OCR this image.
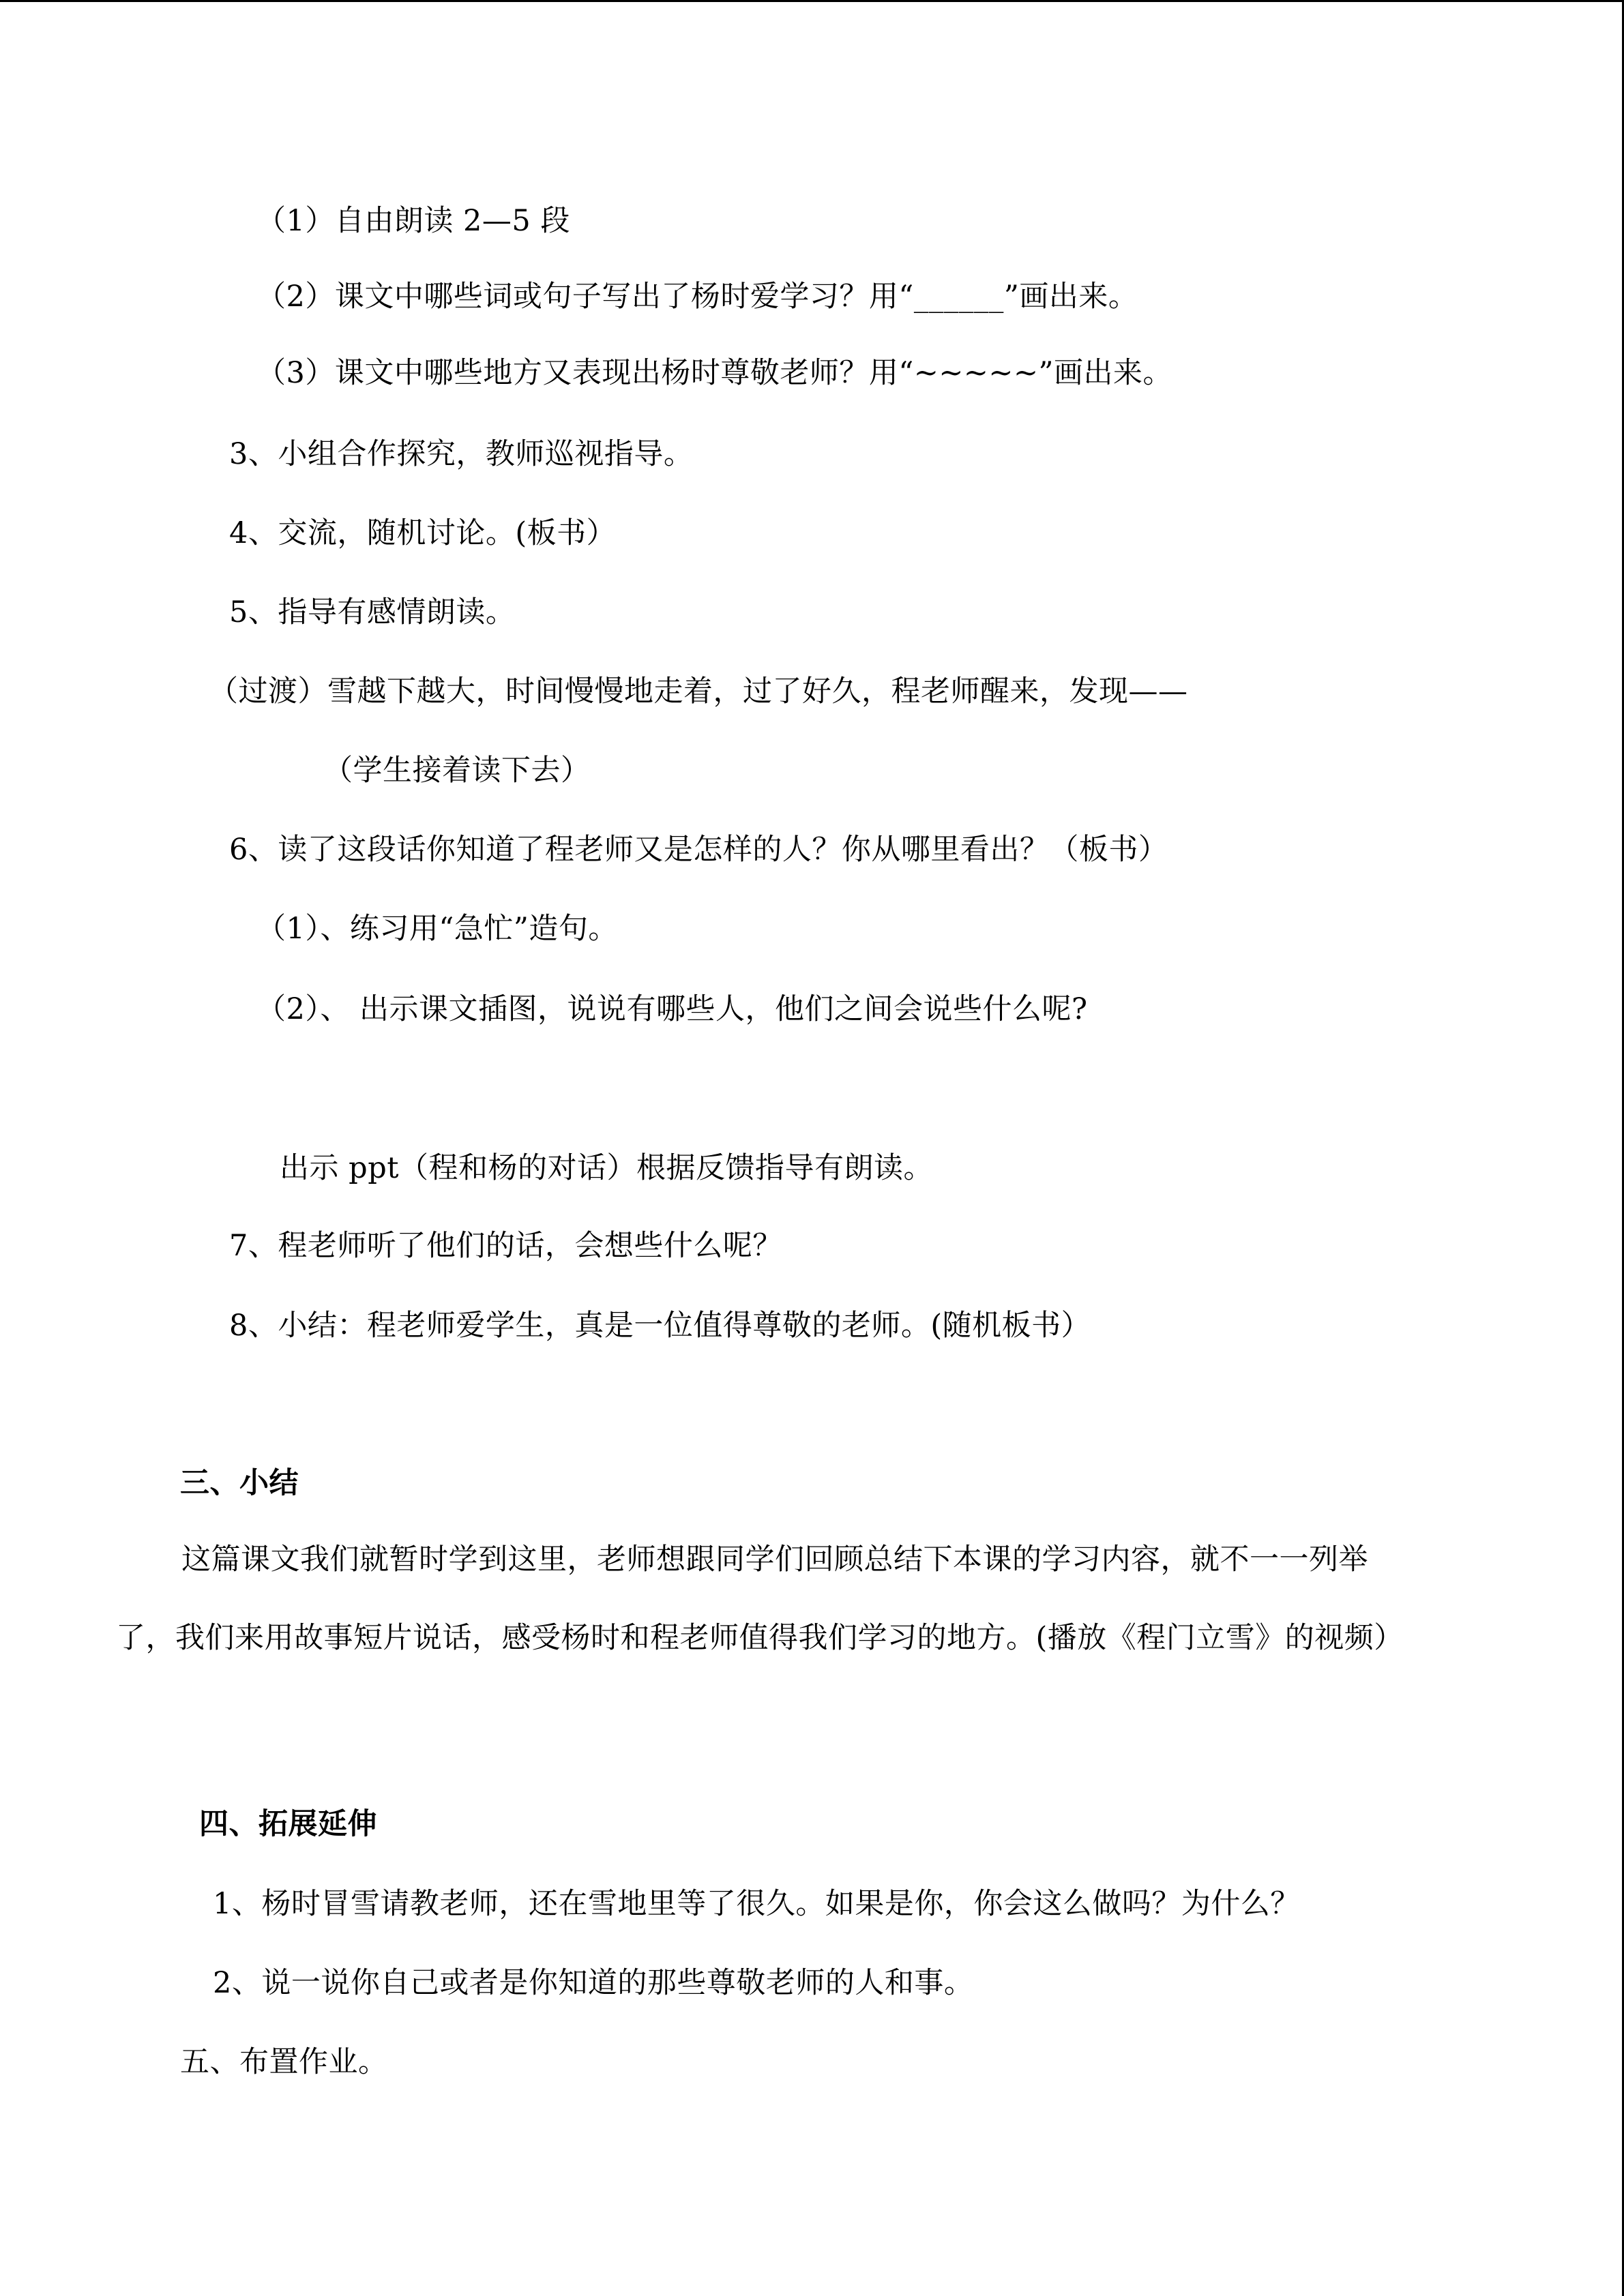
（1）自由朗读 2—5 段
（2）课文中哪些词或句子写出了杨时爱学习？用“______”画出来。
（3）课文中哪些地方又表现出杨时尊敬老师？用“~~~~~”画出来。
3、小组合作探究，教师巡视指导。
4、交流，随机讨论。(板书）
5、指导有感情朗读。
（过渡）雪越下越大，时间慢慢地走着，过了好久，程老师醒来，发现——
（学生接着读下去）
6、读了这段话你知道了程老师又是怎样的人？你从哪里看出？（板书）
（1）、练习用“急忙”造句。
（2）、 出示课文插图，说说有哪些人，他们之间会说些什么呢?
出示 ppt（程和杨的对话）根据反馈指导有朗读。
7、程老师听了他们的话，会想些什么呢？
8、小结：程老师爱学生，真是一位值得尊敬的老师。(随机板书）
三、小结
这篇课文我们就暂时学到这里，老师想跟同学们回顾总结下本课的学习内容，就不一一列举了，我们来用故事短片说话，感受杨时和程老师值得我们学习的地方。(播放《程门立雪》的视频）
四、拓展延伸
1、杨时冒雪请教老师，还在雪地里等了很久。如果是你，你会这么做吗？为什么？
2、说一说你自己或者是你知道的那些尊敬老师的人和事。
五、布置作业。
